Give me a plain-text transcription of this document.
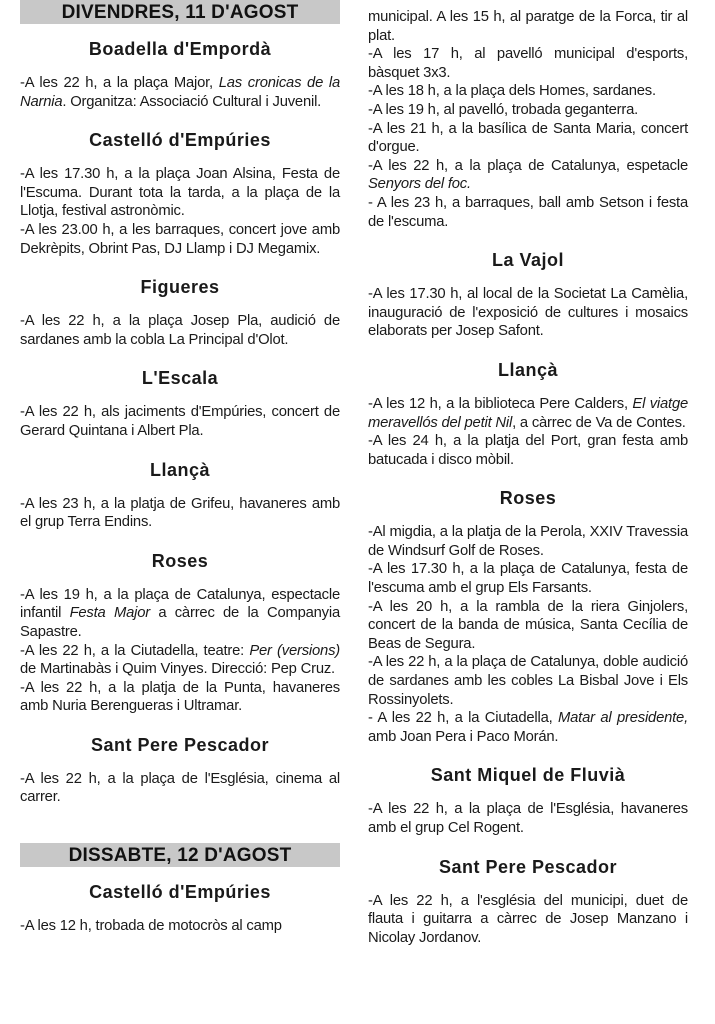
DIVENDRES, 11 D'AGOST
Boadella d'Empordà

-A les 22 h, a la plaça Major, Las cronicas de la Narnia. Organitza: Associació Cultural i Juvenil.

Castelló d'Empúries

-A les 17.30 h, a la plaça Joan Alsina, Festa de l'Escuma. Durant tota la tarda, a la plaça de la Llotja, festival astronòmic.

-A les 23.00 h, a les barraques, concert jove amb Dekrèpits, Obrint Pas, DJ Llamp i DJ Megamix.

Figueres

-A les 22 h, a la plaça Josep Pla, audició de sardanes amb la cobla La Principal d'Olot.

L'Escala

-A les 22 h, als jaciments d'Empúries, concert de Gerard Quintana i Albert Pla.

Llançà

-A les 23 h, a la platja de Grifeu, havaneres amb el grup Terra Endins.

Roses

-A les 19 h, a la plaça de Catalunya, espectacle infantil Festa Major a càrrec de la Companyia Sapastre.

-A les 22 h, a la Ciutadella, teatre: Per (versions) de Martinabàs i Quim Vinyes. Direcció: Pep Cruz.

-A les 22 h, a la platja de la Punta, havaneres amb Nuria Berengueras i Ultramar.

Sant Pere Pescador

-A les 22 h, a la plaça de l'Església, cinema al carrer.

DISSABTE, 12 D'AGOST
Castelló d'Empúries

-A les 12 h, trobada de motocròs al camp

municipal. A les 15 h, al paratge de la Forca, tir al plat.

-A les 17 h, al pavelló municipal d'esports, bàsquet 3x3.

-A les 18 h, a la plaça dels Homes, sardanes.

-A les 19 h, al pavelló, trobada geganterra.

-A les 21 h, a la basílica de Santa Maria, concert d'orgue.

-A les 22 h, a la plaça de Catalunya, espetacle Senyors del foc.

- A les 23 h, a barraques, ball amb Setson i festa de l'escuma.

La Vajol

-A les 17.30 h, al local de la Societat La Camèlia, inauguració de l'exposició de cultures i mosaics elaborats per Josep Safont.

Llançà

-A les 12 h, a la biblioteca Pere Calders, El viatge meravellós del petit Nil, a càrrec de Va de Contes.

-A les 24 h, a la platja del Port, gran festa amb batucada i disco mòbil.

Roses

-Al migdia, a la platja de la Perola, XXIV Travessia de Windsurf Golf de Roses.

-A les 17.30 h, a la plaça de Catalunya, festa de l'escuma amb el grup Els Farsants.

-A les 20 h, a la rambla de la riera Ginjolers, concert de la banda de música, Santa Cecília de Beas de Segura.

-A les 22 h, a la plaça de Catalunya, doble audició de sardanes amb les cobles La Bisbal Jove i Els Rossinyolets.

- A les 22 h, a la Ciutadella, Matar al presidente, amb Joan Pera i Paco Morán.

Sant Miquel de Fluvià

-A les 22 h, a la plaça de l'Església, havaneres amb el grup Cel Rogent.

Sant Pere Pescador

-A les 22 h, a l'església del municipi, duet de flauta i guitarra a càrrec de Josep Manzano i Nicolay Jordanov.
